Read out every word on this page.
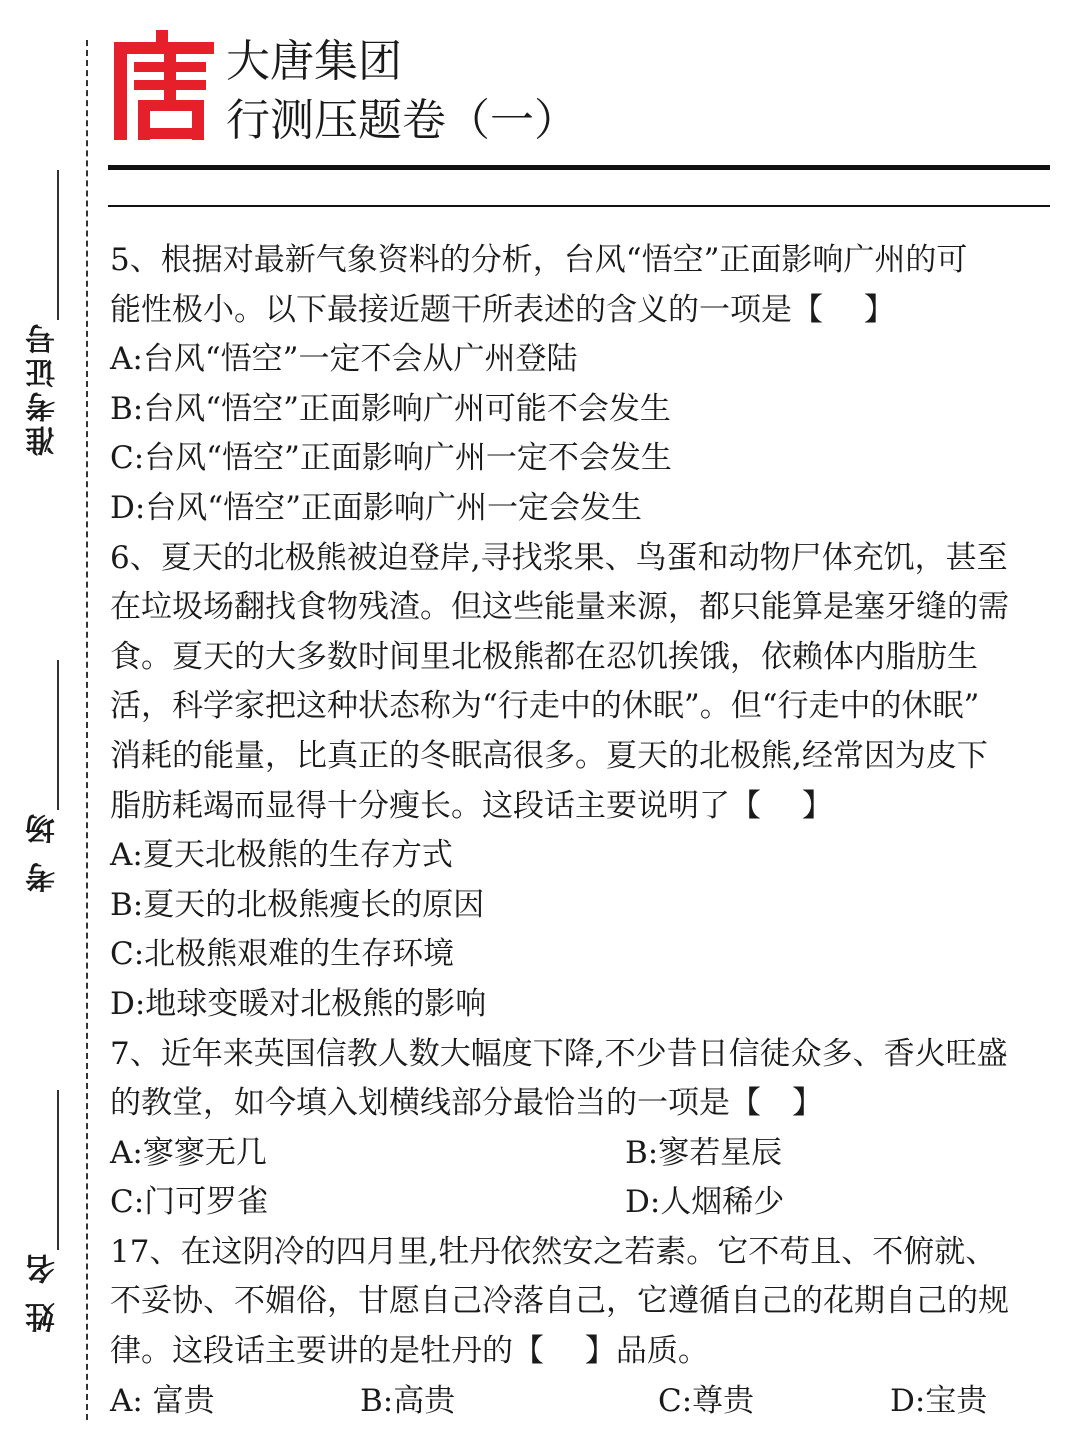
准考证号
考 场
姓 名
大唐集团
行测压题卷（一）
5、根据对最新气象资料的分析，台风“悟空”正面影响广州的可
能性极小。以下最接近题干所表述的含义的一项是【　 】
A:台风“悟空”一定不会从广州登陆
B:台风“悟空”正面影响广州可能不会发生
C:台风“悟空”正面影响广州一定不会发生
D:台风“悟空”正面影响广州一定会发生
6、夏天的北极熊被迫登岸,寻找浆果、鸟蛋和动物尸体充饥，甚至
在垃圾场翻找食物残渣。但这些能量来源，都只能算是塞牙缝的需
食。夏天的大多数时间里北极熊都在忍饥挨饿，依赖体内脂肪生
活，科学家把这种状态称为“行走中的休眠”。但“行走中的休眠”
消耗的能量，比真正的冬眠高很多。夏天的北极熊,经常因为皮下
脂肪耗竭而显得十分瘦长。这段话主要说明了【　 】
A:夏天北极熊的生存方式
B:夏天的北极熊瘦长的原因
C:北极熊艰难的生存环境
D:地球变暖对北极熊的影响
7、近年来英国信教人数大幅度下降,不少昔日信徒众多、香火旺盛
的教堂，如今填入划横线部分最恰当的一项是【　】
A:寥寥无几	B:寥若星辰
C:门可罗雀	D:人烟稀少
17、在这阴冷的四月里,牡丹依然安之若素。它不苟且、不俯就、
不妥协、不媚俗，甘愿自己冷落自己，它遵循自己的花期自己的规
律。这段话主要讲的是牡丹的【　 】品质。
A: 富贵	B:高贵	C:尊贵	D:宝贵
